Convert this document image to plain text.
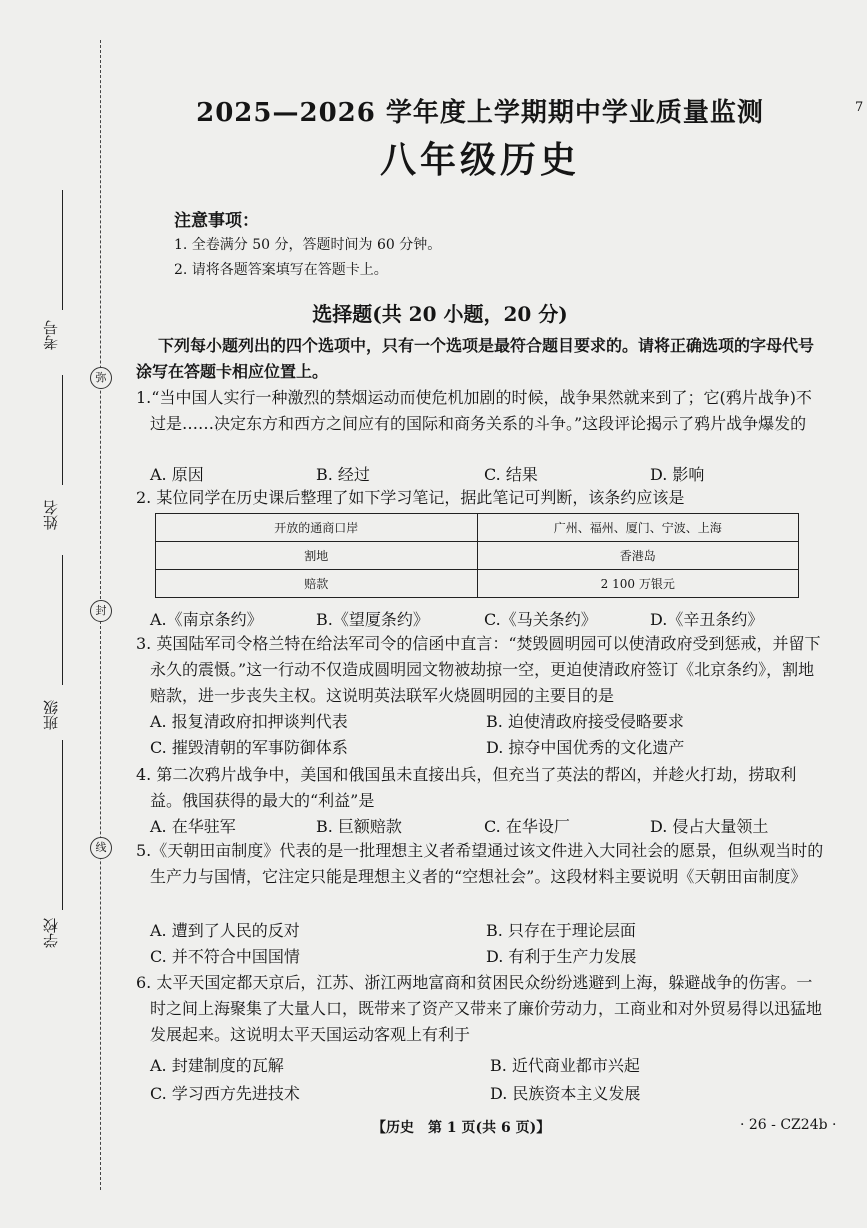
弥
封
线
考号
姓名
班级
学校
7
2025—2026 学年度上学期期中学业质量监测
八年级历史
注意事项：
1. 全卷满分 50 分，答题时间为 60 分钟。
2. 请将各题答案填写在答题卡上。
选择题(共 20 小题，20 分)
下列每小题列出的四个选项中，只有一个选项是最符合题目要求的。请将正确选项的字母代号涂写在答题卡相应位置上。

1.“当中国人实行一种激烈的禁烟运动而使危机加剧的时候，战争果然就来到了；它(鸦片战争)不过是……决定东方和西方之间应有的国际和商务关系的斗争。”这段评论揭示了鸦片战争爆发的

A. 原因	B. 经过	C. 结果	D. 影响

2. 某位同学在历史课后整理了如下学习笔记，据此笔记可判断，该条约应该是

开放的通商口岸	广州、福州、厦门、宁波、上海
割地	香港岛
赔款	2 100 万银元
A.《南京条约》	B.《望厦条约》	C.《马关条约》	D.《辛丑条约》

3. 英国陆军司令格兰特在给法军司令的信函中直言：“焚毁圆明园可以使清政府受到惩戒，并留下永久的震慑。”这一行动不仅造成圆明园文物被劫掠一空，更迫使清政府签订《北京条约》，割地赔款，进一步丧失主权。这说明英法联军火烧圆明园的主要目的是

A. 报复清政府扣押谈判代表	B. 迫使清政府接受侵略要求
C. 摧毁清朝的军事防御体系	D. 掠夺中国优秀的文化遗产

4. 第二次鸦片战争中，美国和俄国虽未直接出兵，但充当了英法的帮凶，并趁火打劫，捞取利益。俄国获得的最大的“利益”是

A. 在华驻军	B. 巨额赔款	C. 在华设厂	D. 侵占大量领土

5.《天朝田亩制度》代表的是一批理想主义者希望通过该文件进入大同社会的愿景，但纵观当时的生产力与国情，它注定只能是理想主义者的“空想社会”。这段材料主要说明《天朝田亩制度》

A. 遭到了人民的反对	B. 只存在于理论层面
C. 并不符合中国国情	D. 有利于生产力发展

6. 太平天国定都天京后，江苏、浙江两地富商和贫困民众纷纷逃避到上海，躲避战争的伤害。一时之间上海聚集了大量人口，既带来了资产又带来了廉价劳动力，工商业和对外贸易得以迅猛地发展起来。这说明太平天国运动客观上有利于

A. 封建制度的瓦解	B. 近代商业都市兴起
C. 学习西方先进技术	D. 民族资本主义发展
【历史　第 1 页(共 6 页)】	· 26 - CZ24b ·
